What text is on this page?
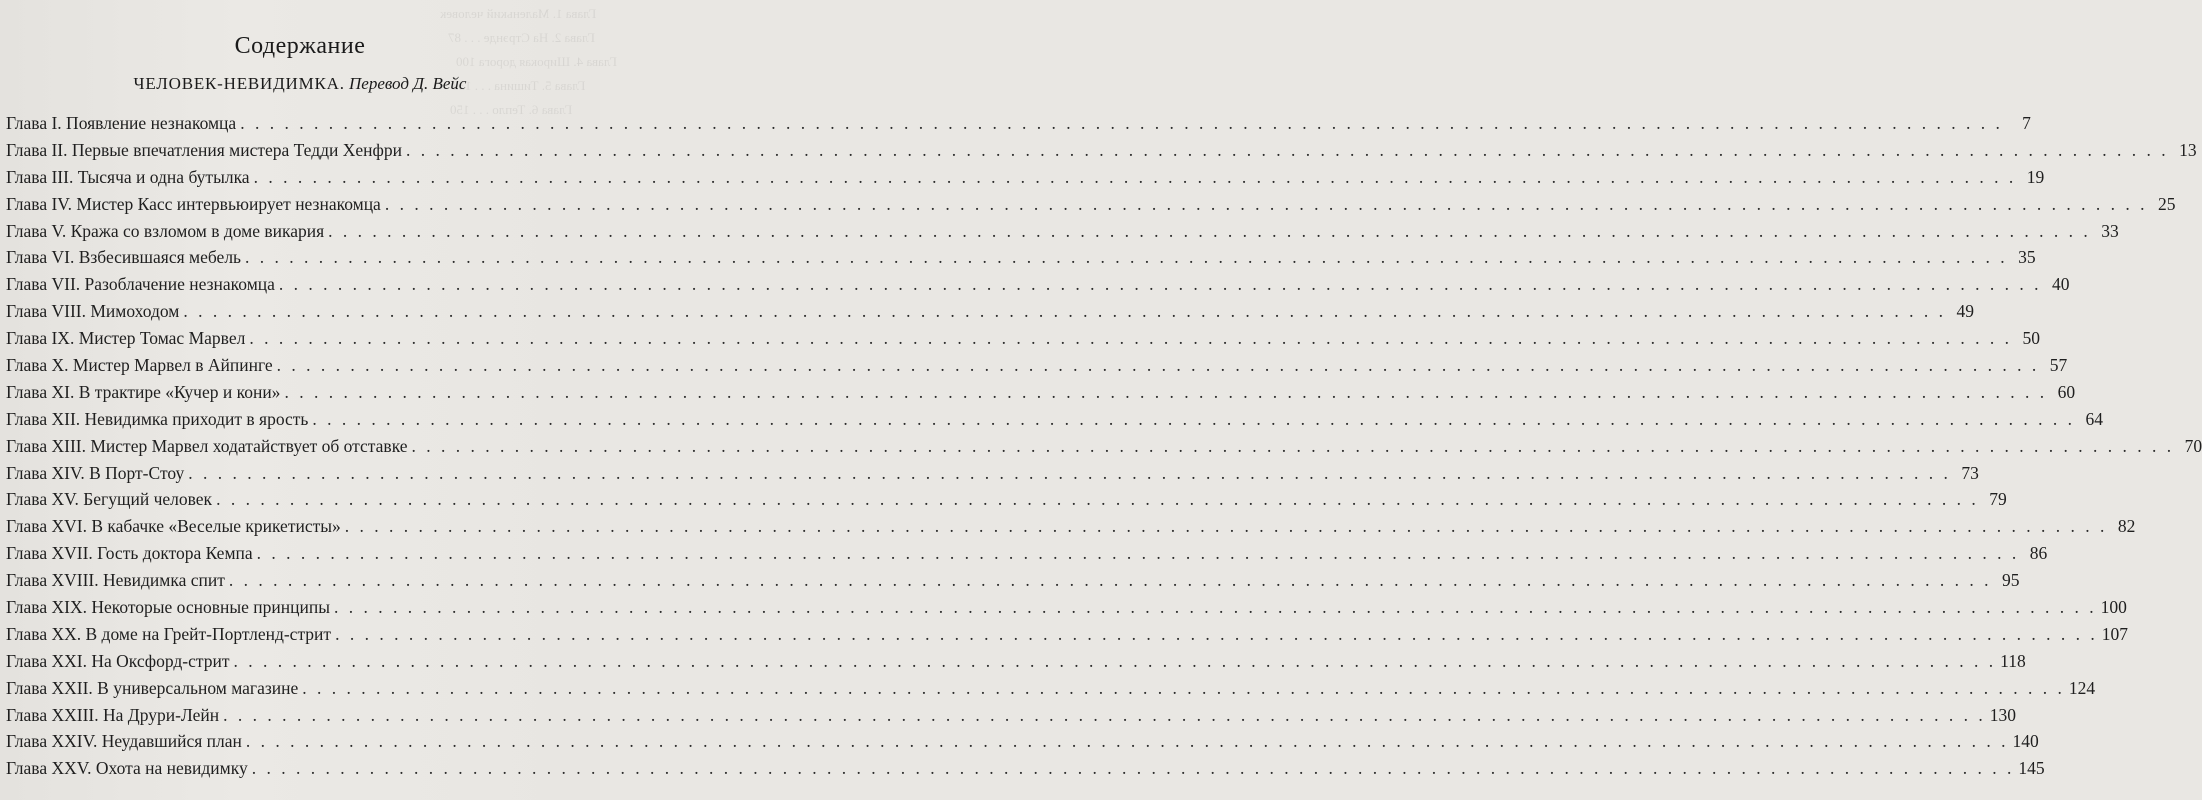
Глава 1. Маленький человек
Глава 2. На Стрэнде . . . 87
Глава 4. Широкая дорога 100
Глава 5. Тишина . . . 133
Глава 6. Тепло . . . 150
Содержание
ЧЕЛОВЕК-НЕВИДИМКА. Перевод Д. Вейс
Глава I. Появление незнакомца . . . . . . . . . . . . . . . . . . . . . . . . . . . . . . . . . . . . . . . . . . . . . . . . . . . . . . . . . . . . . . . . . . . . . . . . . . . . . . . . . . . . . . . . . . . . . . . . . . . . . . . . . . . . . . . . . . . . . . . .	7
Глава II. Первые впечатления мистера Тедди Хенфри . . . . . . . . . . . . . . . . . . . . . . . . . . . . . . . . . . . . . . . . . . . . . . . . . . . . . . . . . . . . . . . . . . . . . . . . . . . . . . . . . . . . . . . . . . . . . . . . . . . . . . . . . . . . . . . . . . . . . . . . 13
Глава III. Тысяча и одна бутылка . . . . . . . . . . . . . . . . . . . . . . . . . . . . . . . . . . . . . . . . . . . . . . . . . . . . . . . . . . . . . . . . . . . . . . . . . . . . . . . . . . . . . . . . . . . . . . . . . . . . . . . . . . . . . . . . . . . . . . . . 19
Глава IV. Мистер Касс интервьюирует незнакомца . . . . . . . . . . . . . . . . . . . . . . . . . . . . . . . . . . . . . . . . . . . . . . . . . . . . . . . . . . . . . . . . . . . . . . . . . . . . . . . . . . . . . . . . . . . . . . . . . . . . . . . . . . . . . . . . . . . . . . . . 25
Глава V. Кража со взломом в доме викария . . . . . . . . . . . . . . . . . . . . . . . . . . . . . . . . . . . . . . . . . . . . . . . . . . . . . . . . . . . . . . . . . . . . . . . . . . . . . . . . . . . . . . . . . . . . . . . . . . . . . . . . . . . . . . . . . . . . . . . . 33
Глава VI. Взбесившаяся мебель . . . . . . . . . . . . . . . . . . . . . . . . . . . . . . . . . . . . . . . . . . . . . . . . . . . . . . . . . . . . . . . . . . . . . . . . . . . . . . . . . . . . . . . . . . . . . . . . . . . . . . . . . . . . . . . . . . . . . . . . 35
Глава VII. Разоблачение незнакомца . . . . . . . . . . . . . . . . . . . . . . . . . . . . . . . . . . . . . . . . . . . . . . . . . . . . . . . . . . . . . . . . . . . . . . . . . . . . . . . . . . . . . . . . . . . . . . . . . . . . . . . . . . . . . . . . . . . . . . . . 40
Глава VIII. Мимоходом . . . . . . . . . . . . . . . . . . . . . . . . . . . . . . . . . . . . . . . . . . . . . . . . . . . . . . . . . . . . . . . . . . . . . . . . . . . . . . . . . . . . . . . . . . . . . . . . . . . . . . . . . . . . . . . . . . . . . . . . 49
Глава IX. Мистер Томас Марвел . . . . . . . . . . . . . . . . . . . . . . . . . . . . . . . . . . . . . . . . . . . . . . . . . . . . . . . . . . . . . . . . . . . . . . . . . . . . . . . . . . . . . . . . . . . . . . . . . . . . . . . . . . . . . . . . . . . . . . . . 50
Глава X. Мистер Марвел в Айпинге . . . . . . . . . . . . . . . . . . . . . . . . . . . . . . . . . . . . . . . . . . . . . . . . . . . . . . . . . . . . . . . . . . . . . . . . . . . . . . . . . . . . . . . . . . . . . . . . . . . . . . . . . . . . . . . . . . . . . . . . 57
Глава XI. В трактире «Кучер и кони» . . . . . . . . . . . . . . . . . . . . . . . . . . . . . . . . . . . . . . . . . . . . . . . . . . . . . . . . . . . . . . . . . . . . . . . . . . . . . . . . . . . . . . . . . . . . . . . . . . . . . . . . . . . . . . . . . . . . . . . . 60
Глава XII. Невидимка приходит в ярость . . . . . . . . . . . . . . . . . . . . . . . . . . . . . . . . . . . . . . . . . . . . . . . . . . . . . . . . . . . . . . . . . . . . . . . . . . . . . . . . . . . . . . . . . . . . . . . . . . . . . . . . . . . . . . . . . . . . . . . . 64
Глава XIII. Мистер Марвел ходатайствует об отставке . . . . . . . . . . . . . . . . . . . . . . . . . . . . . . . . . . . . . . . . . . . . . . . . . . . . . . . . . . . . . . . . . . . . . . . . . . . . . . . . . . . . . . . . . . . . . . . . . . . . . . . . . . . . . . . . . . . . . . . . 70
Глава XIV. В Порт-Стоу . . . . . . . . . . . . . . . . . . . . . . . . . . . . . . . . . . . . . . . . . . . . . . . . . . . . . . . . . . . . . . . . . . . . . . . . . . . . . . . . . . . . . . . . . . . . . . . . . . . . . . . . . . . . . . . . . . . . . . . . 73
Глава XV. Бегущий человек . . . . . . . . . . . . . . . . . . . . . . . . . . . . . . . . . . . . . . . . . . . . . . . . . . . . . . . . . . . . . . . . . . . . . . . . . . . . . . . . . . . . . . . . . . . . . . . . . . . . . . . . . . . . . . . . . . . . . . . . 79
Глава XVI. В кабачке «Веселые крикетисты» . . . . . . . . . . . . . . . . . . . . . . . . . . . . . . . . . . . . . . . . . . . . . . . . . . . . . . . . . . . . . . . . . . . . . . . . . . . . . . . . . . . . . . . . . . . . . . . . . . . . . . . . . . . . . . . . . . . . . . . . 82
Глава XVII. Гость доктора Кемпа . . . . . . . . . . . . . . . . . . . . . . . . . . . . . . . . . . . . . . . . . . . . . . . . . . . . . . . . . . . . . . . . . . . . . . . . . . . . . . . . . . . . . . . . . . . . . . . . . . . . . . . . . . . . . . . . . . . . . . . . 86
Глава XVIII. Невидимка спит . . . . . . . . . . . . . . . . . . . . . . . . . . . . . . . . . . . . . . . . . . . . . . . . . . . . . . . . . . . . . . . . . . . . . . . . . . . . . . . . . . . . . . . . . . . . . . . . . . . . . . . . . . . . . . . . . . . . . . . . 95
Глава XIX. Некоторые основные принципы . . . . . . . . . . . . . . . . . . . . . . . . . . . . . . . . . . . . . . . . . . . . . . . . . . . . . . . . . . . . . . . . . . . . . . . . . . . . . . . . . . . . . . . . . . . . . . . . . . . . . . . . . . . . . . . . . . . . . . . . 100
Глава XX. В доме на Грейт-Портленд-стрит . . . . . . . . . . . . . . . . . . . . . . . . . . . . . . . . . . . . . . . . . . . . . . . . . . . . . . . . . . . . . . . . . . . . . . . . . . . . . . . . . . . . . . . . . . . . . . . . . . . . . . . . . . . . . . . . . . . . . . . . 107
Глава XXI. На Оксфорд-стрит . . . . . . . . . . . . . . . . . . . . . . . . . . . . . . . . . . . . . . . . . . . . . . . . . . . . . . . . . . . . . . . . . . . . . . . . . . . . . . . . . . . . . . . . . . . . . . . . . . . . . . . . . . . . . . . . . . . . . . . . 118
Глава XXII. В универсальном магазине . . . . . . . . . . . . . . . . . . . . . . . . . . . . . . . . . . . . . . . . . . . . . . . . . . . . . . . . . . . . . . . . . . . . . . . . . . . . . . . . . . . . . . . . . . . . . . . . . . . . . . . . . . . . . . . . . . . . . . . . 124
Глава XXIII. На Друри-Лейн . . . . . . . . . . . . . . . . . . . . . . . . . . . . . . . . . . . . . . . . . . . . . . . . . . . . . . . . . . . . . . . . . . . . . . . . . . . . . . . . . . . . . . . . . . . . . . . . . . . . . . . . . . . . . . . . . . . . . . . . 130
Глава XXIV. Неудавшийся план . . . . . . . . . . . . . . . . . . . . . . . . . . . . . . . . . . . . . . . . . . . . . . . . . . . . . . . . . . . . . . . . . . . . . . . . . . . . . . . . . . . . . . . . . . . . . . . . . . . . . . . . . . . . . . . . . . . . . . . . 140
Глава XXV. Охота на невидимку . . . . . . . . . . . . . . . . . . . . . . . . . . . . . . . . . . . . . . . . . . . . . . . . . . . . . . . . . . . . . . . . . . . . . . . . . . . . . . . . . . . . . . . . . . . . . . . . . . . . . . . . . . . . . . . . . . . . . . . . 145
